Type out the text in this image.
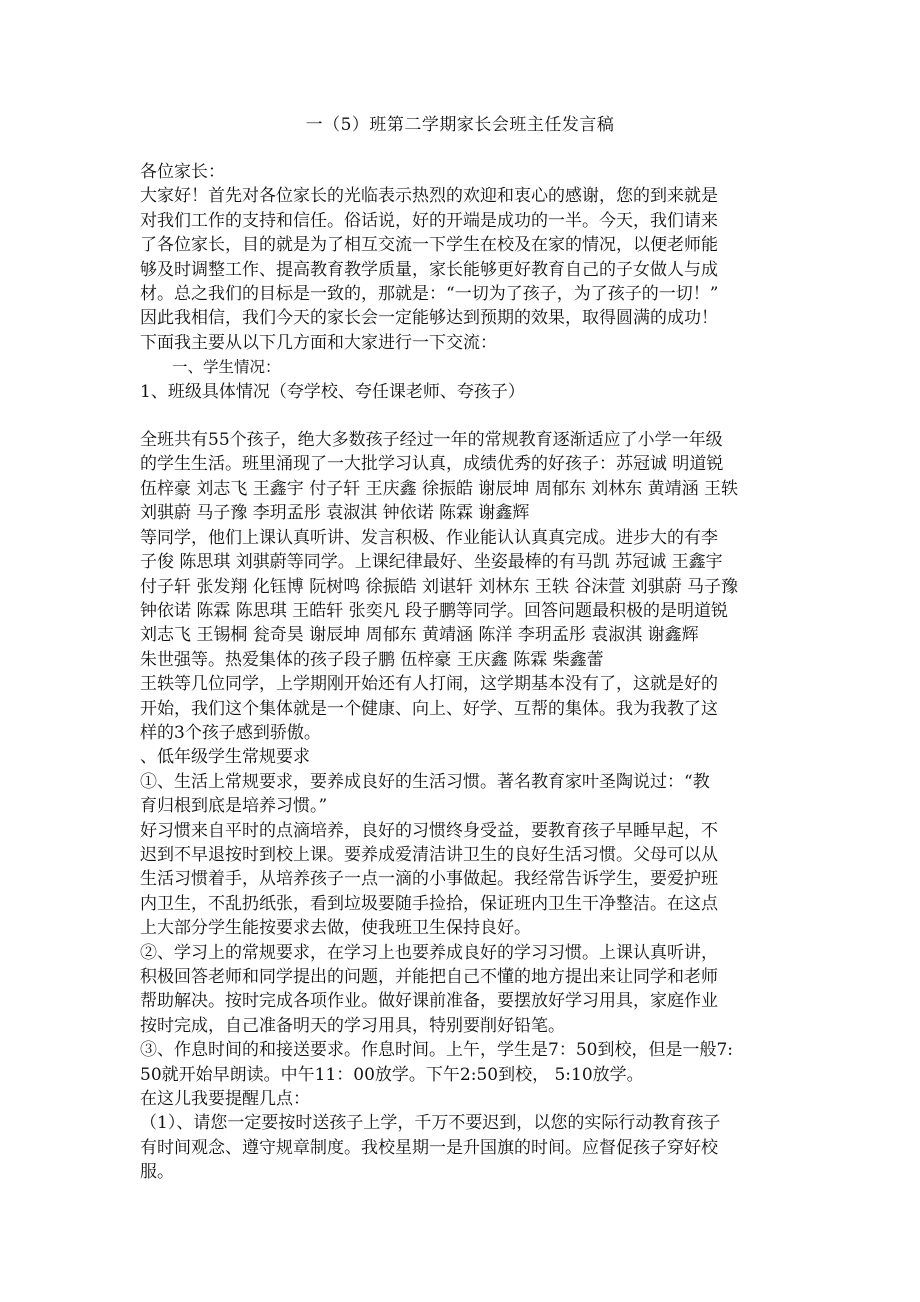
一（5）班第二学期家长会班主任发言稿

各位家长：

大家好！首先对各位家长的光临表示热烈的欢迎和衷心的感谢，您的到来就是

对我们工作的支持和信任。俗话说，好的开端是成功的一半。今天，我们请来

了各位家长，目的就是为了相互交流一下学生在校及在家的情况，以便老师能

够及时调整工作、提高教育教学质量，家长能够更好教育自己的子女做人与成

材。总之我们的目标是一致的，那就是：“一切为了孩子，为了孩子的一切！”

因此我相信，我们今天的家长会一定能够达到预期的效果，取得圆满的成功！

下面我主要从以下几方面和大家进行一下交流：

一、学生情况：

1、班级具体情况（夸学校、夸任课老师、夸孩子）

全班共有55个孩子，绝大多数孩子经过一年的常规教育逐渐适应了小学一年级

的学生生活。班里涌现了一大批学习认真，成绩优秀的好孩子：苏冠诚 明道锐

伍梓豪 刘志飞 王鑫宇 付子轩 王庆鑫 徐振皓 谢辰坤 周郁东 刘林东 黄靖涵 王轶

刘骐蔚 马子豫 李玥孟彤 袁淑淇 钟依诺 陈霖 谢鑫辉

等同学，他们上课认真听讲、发言积极、作业能认认真真完成。进步大的有李

子俊 陈思琪 刘骐蔚等同学。上课纪律最好、坐姿最棒的有马凯 苏冠诚 王鑫宇

付子轩 张发翔 化钰博 阮树鸣 徐振皓 刘谌轩 刘林东 王轶 谷沫萱 刘骐蔚 马子豫

钟依诺 陈霖 陈思琪 王皓轩 张奕凡 段子鹏等同学。回答问题最积极的是明道锐

刘志飞 王锡桐 瓮奇昊 谢辰坤 周郁东 黄靖涵 陈洋 李玥孟彤 袁淑淇 谢鑫辉

朱世强等。热爱集体的孩子段子鹏 伍梓豪 王庆鑫 陈霖 柴鑫蕾

王轶等几位同学，上学期刚开始还有人打闹，这学期基本没有了，这就是好的

开始，我们这个集体就是一个健康、向上、好学、互帮的集体。我为我教了这

样的3个孩子感到骄傲。

、低年级学生常规要求

①、生活上常规要求，要养成良好的生活习惯。著名教育家叶圣陶说过：“教

育归根到底是培养习惯。”

好习惯来自平时的点滴培养，良好的习惯终身受益，要教育孩子早睡早起，不

迟到不早退按时到校上课。要养成爱清洁讲卫生的良好生活习惯。父母可以从

生活习惯着手，从培养孩子一点一滴的小事做起。我经常告诉学生，要爱护班

内卫生，不乱扔纸张，看到垃圾要随手捡拾，保证班内卫生干净整洁。在这点

上大部分学生能按要求去做，使我班卫生保持良好。

②、学习上的常规要求，在学习上也要养成良好的学习习惯。上课认真听讲，

积极回答老师和同学提出的问题，并能把自己不懂的地方提出来让同学和老师

帮助解决。按时完成各项作业。做好课前准备，要摆放好学习用具，家庭作业

按时完成，自己准备明天的学习用具，特别要削好铅笔。

③、作息时间的和接送要求。作息时间。上午，学生是7：50到校，但是一般7:

50就开始早朗读。中午11：00放学。下午2:50到校， 5:10放学。

在这儿我要提醒几点：

（1）、请您一定要按时送孩子上学，千万不要迟到，以您的实际行动教育孩子

有时间观念、遵守规章制度。我校星期一是升国旗的时间。应督促孩子穿好校

服。
